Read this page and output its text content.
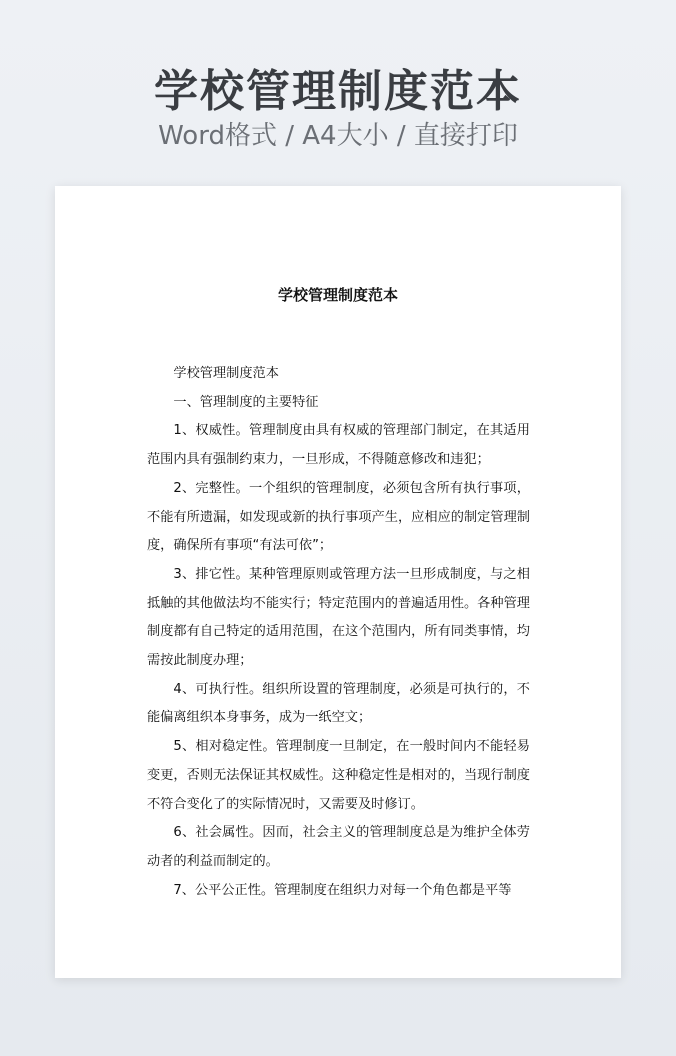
学校管理制度范本
Word格式 / A4大小 / 直接打印
学校管理制度范本

学校管理制度范本

一、管理制度的主要特征

1、权威性。管理制度由具有权威的管理部门制定，在其适用范围内具有强制约束力，一旦形成，不得随意修改和违犯；

2、完整性。一个组织的管理制度，必须包含所有执行事项，不能有所遗漏，如发现或新的执行事项产生，应相应的制定管理制度，确保所有事项“有法可依”；

3、排它性。某种管理原则或管理方法一旦形成制度，与之相抵触的其他做法均不能实行；特定范围内的普遍适用性。各种管理制度都有自己特定的适用范围，在这个范围内，所有同类事情，均需按此制度办理；

4、可执行性。组织所设置的管理制度，必须是可执行的，不能偏离组织本身事务，成为一纸空文；

5、相对稳定性。管理制度一旦制定，在一般时间内不能轻易变更，否则无法保证其权威性。这种稳定性是相对的，当现行制度不符合变化了的实际情况时，又需要及时修订。

6、社会属性。因而，社会主义的管理制度总是为维护全体劳动者的利益而制定的。

7、公平公正性。管理制度在组织力对每一个角色都是平等
